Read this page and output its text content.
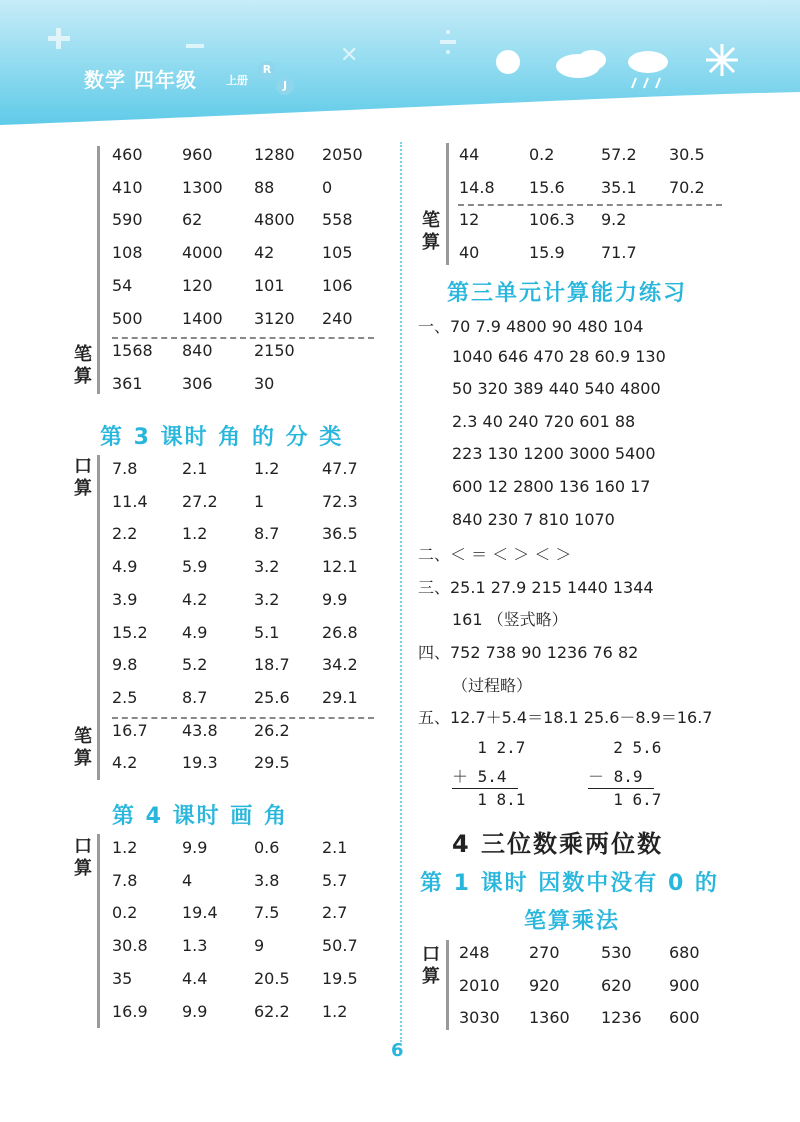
✕
数学 四年级	上册
R
J
笔算
460 960	1280 2050
410 1300 88	0
590 62	4800 558
108 4000 42	105
54	120	101 106
500 1400 3120 240
1568 840	2150
361 306	30
第 3 课时 角 的 分 类
口算
笔算
7.8	2.1	1.2	47.7
11.4 27.2 1	72.3
2.2	1.2	8.7	36.5
4.9	5.9	3.2	12.1
3.9	4.2	3.2	9.9
15.2 4.9	5.1	26.8
9.8	5.2	18.7 34.2
2.5	8.7	25.6 29.1
16.7 43.8 26.2
4.2	19.3 29.5
第 4 课时 画 角
口算
1.2	9.9	0.6	2.1
7.8	4	3.8	5.7
0.2	19.4 7.5	2.7
30.8 1.3	9	50.7
35	4.4	20.5 19.5
16.9 9.9	62.2 1.2
笔算
44	0.2	57.2 30.5
14.8 15.6 35.1 70.2
12	106.3 9.2
40	15.9 71.7
第三单元计算能力练习
一、70 7.9 4800 90 480 104
1040 646 470 28 60.9 130
50 320 389 440 540 4800
2.3 40 240 720 601 88
223 130 1200 3000 5400
600 12 2800 136 160 17
840 230 7 810 1070
二、＜ ＝ ＜ ＞ ＜ ＞
三、25.1 27.9 215 1440 1344
161 （竖式略）
四、752 738 90 1236 76 82
（过程略）
五、12.7＋5.4＝18.1 25.6－8.9＝16.7
1 2.7
＋ 5.4
1 8.1
2 5.6
－ 8.9
1 6.7
4 三位数乘两位数
第 1 课时 因数中没有 0 的
笔算乘法
口算
248 270	530 680
2010 920	620 900
3030 1360 1236 600
6
